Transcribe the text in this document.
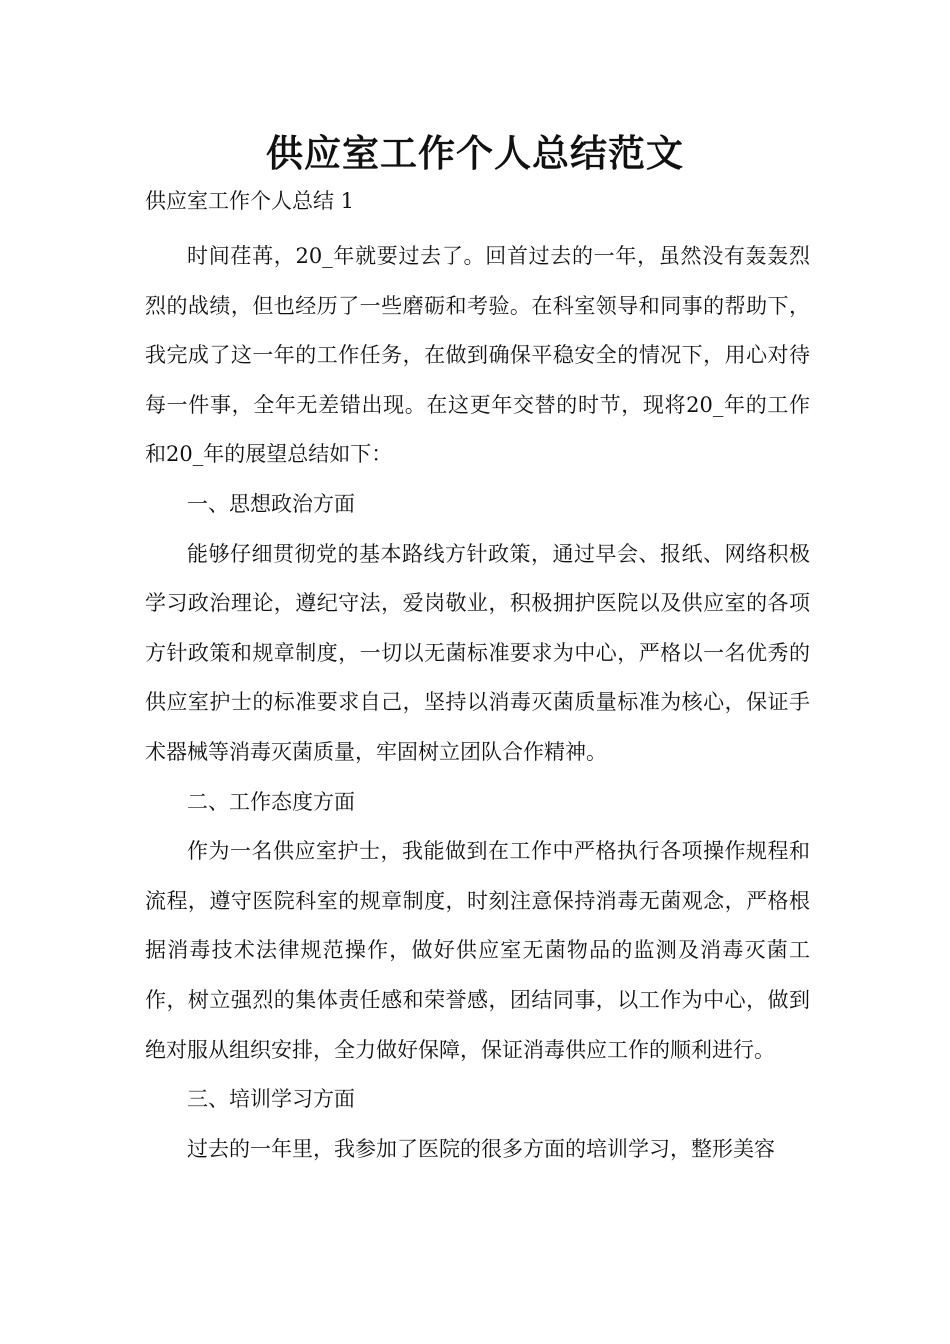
供应室工作个人总结范文
供应室工作个人总结 1

时间荏苒，20_年就要过去了。回首过去的一年，虽然没有轰轰烈烈的战绩，但也经历了一些磨砺和考验。在科室领导和同事的帮助下，我完成了这一年的工作任务，在做到确保平稳安全的情况下，用心对待每一件事，全年无差错出现。在这更年交替的时节，现将20_年的工作和20_年的展望总结如下：

一、思想政治方面

能够仔细贯彻党的基本路线方针政策，通过早会、报纸、网络积极学习政治理论，遵纪守法，爱岗敬业，积极拥护医院以及供应室的各项方针政策和规章制度，一切以无菌标准要求为中心，严格以一名优秀的供应室护士的标准要求自己，坚持以消毒灭菌质量标准为核心，保证手术器械等消毒灭菌质量，牢固树立团队合作精神。

二、工作态度方面

作为一名供应室护士，我能做到在工作中严格执行各项操作规程和流程，遵守医院科室的规章制度，时刻注意保持消毒无菌观念，严格根据消毒技术法律规范操作，做好供应室无菌物品的监测及消毒灭菌工作，树立强烈的集体责任感和荣誉感，团结同事，以工作为中心，做到绝对服从组织安排，全力做好保障，保证消毒供应工作的顺利进行。

三、培训学习方面

过去的一年里，我参加了医院的很多方面的培训学习，整形美容
